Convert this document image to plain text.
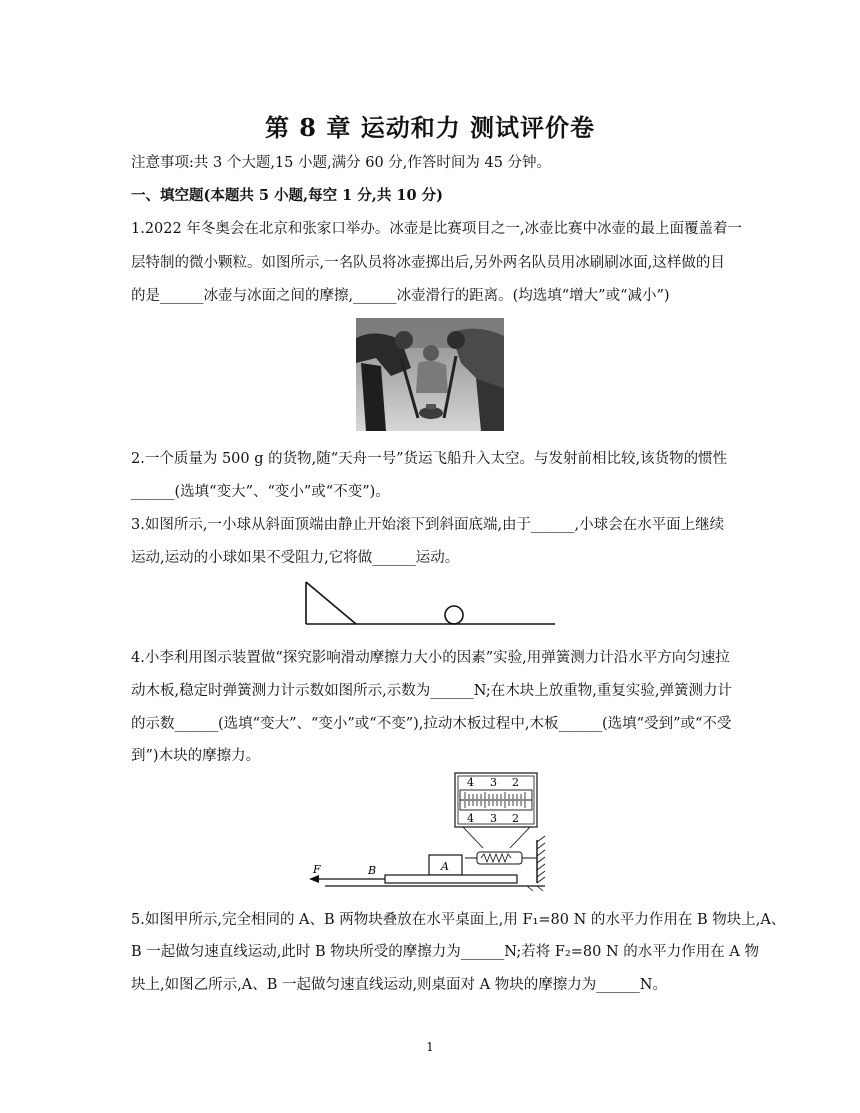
第 8 章 运动和力 测试评价卷
注意事项:共 3 个大题,15 小题,满分 60 分,作答时间为 45 分钟。
一、填空题(本题共 5 小题,每空 1 分,共 10 分)
1.2022 年冬奥会在北京和张家口举办。冰壶是比赛项目之一,冰壶比赛中冰壶的最上面覆盖着一
层特制的微小颗粒。如图所示,一名队员将冰壶掷出后,另外两名队员用冰刷刷冰面,这样做的目
的是______冰壶与冰面之间的摩擦,______冰壶滑行的距离。(均选填“增大”或“减小”)
2.一个质量为 500 g 的货物,随“天舟一号”货运飞船升入太空。与发射前相比较,该货物的惯性
______(选填“变大”、“变小”或“不变”)。
3.如图所示,一小球从斜面顶端由静止开始滚下到斜面底端,由于______,小球会在水平面上继续
运动,运动的小球如果不受阻力,它将做______运动。
4.小李利用图示装置做“探究影响滑动摩擦力大小的因素”实验,用弹簧测力计沿水平方向匀速拉
动木板,稳定时弹簧测力计示数如图所示,示数为______N;在木块上放重物,重复实验,弹簧测力计
的示数______(选填“变大”、“变小”或“不变”),拉动木板过程中,木板______(选填“受到”或“不受
到”)木块的摩擦力。
4 3 2
4 3 2
A
B
F
5.如图甲所示,完全相同的 A、B 两物块叠放在水平桌面上,用 F₁=80 N 的水平力作用在 B 物块上,A、
B 一起做匀速直线运动,此时 B 物块所受的摩擦力为______N;若将 F₂=80 N 的水平力作用在 A 物
块上,如图乙所示,A、B 一起做匀速直线运动,则桌面对 A 物块的摩擦力为______N。
1
